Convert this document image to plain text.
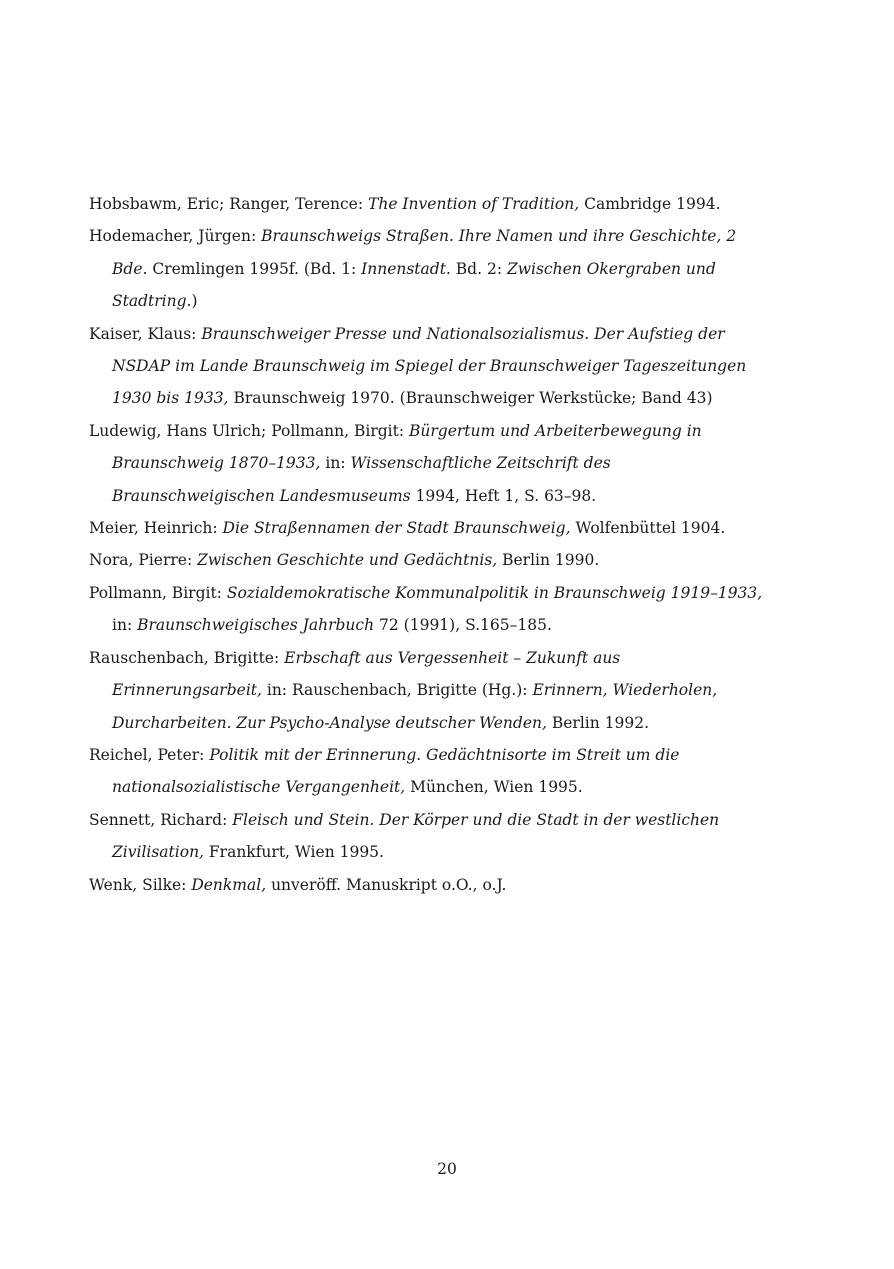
Hobsbawm, Eric; Ranger, Terence: The Invention of Tradition, Cambridge 1994.
Hodemacher, Jürgen: Braunschweigs Straßen. Ihre Namen und ihre Geschichte, 2 Bde. Cremlingen 1995f. (Bd. 1: Innenstadt. Bd. 2: Zwischen Okergraben und Stadtring.)
Kaiser, Klaus: Braunschweiger Presse und Nationalsozialismus. Der Aufstieg der NSDAP im Lande Braunschweig im Spiegel der Braunschweiger Tageszeitungen 1930 bis 1933, Braunschweig 1970. (Braunschweiger Werkstücke; Band 43)
Ludewig, Hans Ulrich; Pollmann, Birgit: Bürgertum und Arbeiterbewegung in Braunschweig 1870–1933, in: Wissenschaftliche Zeitschrift des Braunschweigischen Landesmuseums 1994, Heft 1, S. 63–98.
Meier, Heinrich: Die Straßennamen der Stadt Braunschweig, Wolfenbüttel 1904.
Nora, Pierre: Zwischen Geschichte und Gedächtnis, Berlin 1990.
Pollmann, Birgit: Sozialdemokratische Kommunalpolitik in Braunschweig 1919–1933, in: Braunschweigisches Jahrbuch 72 (1991), S.165–185.
Rauschenbach, Brigitte: Erbschaft aus Vergessenheit – Zukunft aus Erinnerungsarbeit, in: Rauschenbach, Brigitte (Hg.): Erinnern, Wiederholen, Durcharbeiten. Zur Psycho-Analyse deutscher Wenden, Berlin 1992.
Reichel, Peter: Politik mit der Erinnerung. Gedächtnisorte im Streit um die nationalsozialistische Vergangenheit, München, Wien 1995.
Sennett, Richard: Fleisch und Stein. Der Körper und die Stadt in der westlichen Zivilisation, Frankfurt, Wien 1995.
Wenk, Silke: Denkmal, unveröff. Manuskript o.O., o.J.
20
